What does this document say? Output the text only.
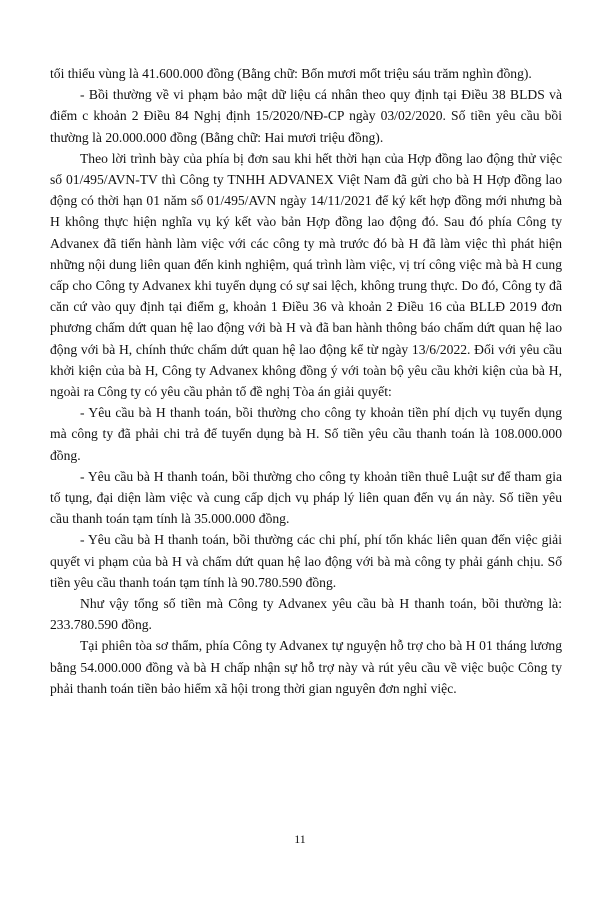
tối thiểu vùng là 41.600.000 đồng (Bằng chữ: Bốn mươi mốt triệu sáu trăm nghìn đồng).

- Bồi thường về vi phạm bảo mật dữ liệu cá nhân theo quy định tại Điều 38 BLDS và điểm c khoản 2 Điều 84 Nghị định 15/2020/NĐ-CP ngày 03/02/2020. Số tiền yêu cầu bồi thường là 20.000.000 đồng (Bằng chữ: Hai mươi triệu đồng).

Theo lời trình bày của phía bị đơn sau khi hết thời hạn của Hợp đồng lao động thử việc số 01/495/AVN-TV thì Công ty TNHH ADVANEX Việt Nam đã gửi cho bà H Hợp đồng lao động có thời hạn 01 năm số 01/495/AVN ngày 14/11/2021 để ký kết hợp đồng mới nhưng bà H không thực hiện nghĩa vụ ký kết vào bản Hợp đồng lao động đó. Sau đó phía Công ty Advanex đã tiến hành làm việc với các công ty mà trước đó bà H đã làm việc thì phát hiện những nội dung liên quan đến kinh nghiệm, quá trình làm việc, vị trí công việc mà bà H cung cấp cho Công ty Advanex khi tuyển dụng có sự sai lệch, không trung thực. Do đó, Công ty đã căn cứ vào quy định tại điểm g, khoản 1 Điều 36 và khoản 2 Điều 16 của BLLĐ 2019 đơn phương chấm dứt quan hệ lao động với bà H và đã ban hành thông báo chấm dứt quan hệ lao động với bà H, chính thức chấm dứt quan hệ lao động kể từ ngày 13/6/2022. Đối với yêu cầu khởi kiện của bà H, Công ty Advanex không đồng ý với toàn bộ yêu cầu khởi kiện của bà H, ngoài ra Công ty có yêu cầu phản tố đề nghị Tòa án giải quyết:

- Yêu cầu bà H thanh toán, bồi thường cho công ty khoản tiền phí dịch vụ tuyển dụng mà công ty đã phải chi trả để tuyển dụng bà H. Số tiền yêu cầu thanh toán là 108.000.000 đồng.

- Yêu cầu bà H thanh toán, bồi thường cho công ty khoản tiền thuê Luật sư để tham gia tố tụng, đại diện làm việc và cung cấp dịch vụ pháp lý liên quan đến vụ án này. Số tiền yêu cầu thanh toán tạm tính là 35.000.000 đồng.

- Yêu cầu bà H thanh toán, bồi thường các chi phí, phí tổn khác liên quan đến việc giải quyết vi phạm của bà H và chấm dứt quan hệ lao động với bà mà công ty phải gánh chịu. Số tiền yêu cầu thanh toán tạm tính là 90.780.590 đồng.

Như vậy tổng số tiền mà Công ty Advanex yêu cầu bà H thanh toán, bồi thường là: 233.780.590 đồng.

Tại phiên tòa sơ thẩm, phía Công ty Advanex tự nguyện hỗ trợ cho bà H 01 tháng lương bằng 54.000.000 đồng và bà H chấp nhận sự hỗ trợ này và rút yêu cầu về việc buộc Công ty phải thanh toán tiền bảo hiểm xã hội trong thời gian nguyên đơn nghỉ việc.

11
